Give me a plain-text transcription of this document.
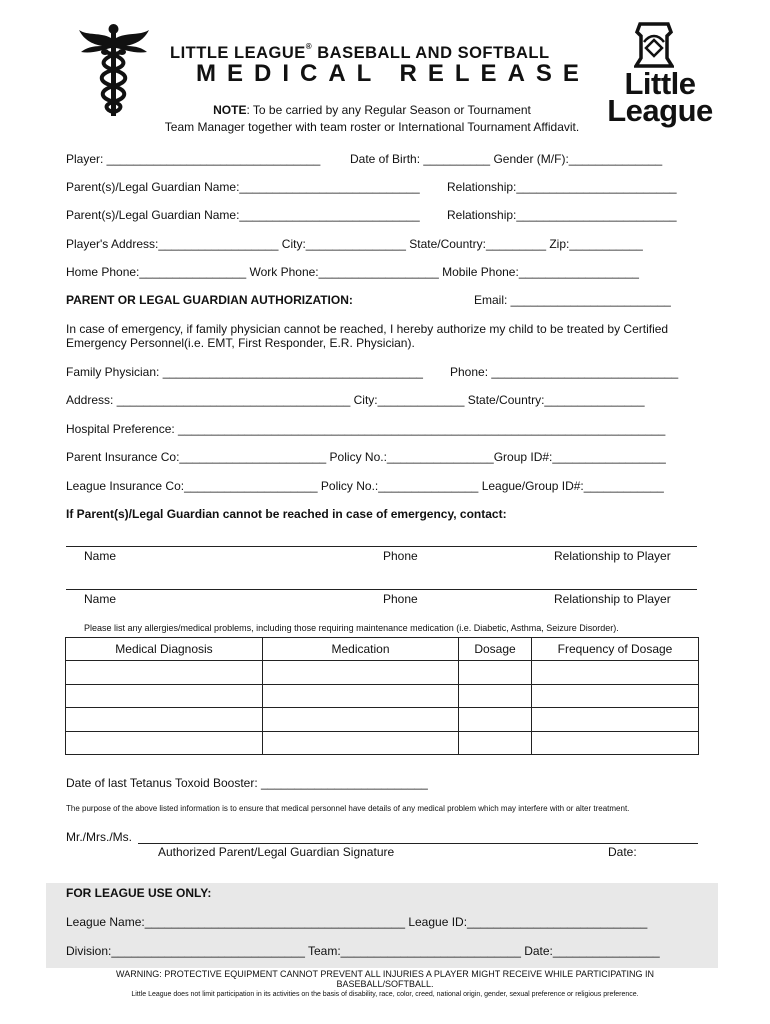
LITTLE LEAGUE® BASEBALL AND SOFTBALL
MEDICAL RELEASE
NOTE: To be carried by any Regular Season or Tournament
Team Manager together with team roster or International Tournament Affidavit.
Little
League
Player: ________________________________ Date of Birth: __________ Gender (M/F):______________
Parent(s)/Legal Guardian Name:___________________________ Relationship:________________________
Parent(s)/Legal Guardian Name:___________________________ Relationship:________________________
Player's Address:__________________ City:_______________ State/Country:_________ Zip:___________
Home Phone:________________ Work Phone:__________________ Mobile Phone:__________________
PARENT OR LEGAL GUARDIAN AUTHORIZATION:	Email: ________________________
In case of emergency, if family physician cannot be reached, I hereby authorize my child to be treated by Certified
Emergency Personnel(i.e. EMT, First Responder, E.R. Physician).
Family Physician: _______________________________________ Phone: ____________________________
Address: ___________________________________ City:_____________ State/Country:_______________
Hospital Preference: _________________________________________________________________________
Parent Insurance Co:______________________ Policy No.:________________Group ID#:_________________
League Insurance Co:____________________ Policy No.:_______________ League/Group ID#:____________
If Parent(s)/Legal Guardian cannot be reached in case of emergency, contact:
Name	Phone	Relationship to Player
Name	Phone	Relationship to Player
Please list any allergies/medical problems, including those requiring maintenance medication (i.e. Diabetic, Asthma, Seizure Disorder).
Medical Diagnosis	Medication	Dosage	Frequency of Dosage

Date of last Tetanus Toxoid Booster: _________________________
The purpose of the above listed information is to ensure that medical personnel have details of any medical problem which may interfere with or alter treatment.
Mr./Mrs./Ms.
Authorized Parent/Legal Guardian Signature	Date:
FOR LEAGUE USE ONLY:
League Name:_______________________________________ League ID:___________________________
Division:_____________________________ Team:___________________________ Date:________________
WARNING: PROTECTIVE EQUIPMENT CANNOT PREVENT ALL INJURIES A PLAYER MIGHT RECEIVE WHILE PARTICIPATING IN
BASEBALL/SOFTBALL.
Little League does not limit participation in its activities on the basis of disability, race, color, creed, national origin, gender, sexual preference or religious preference.
